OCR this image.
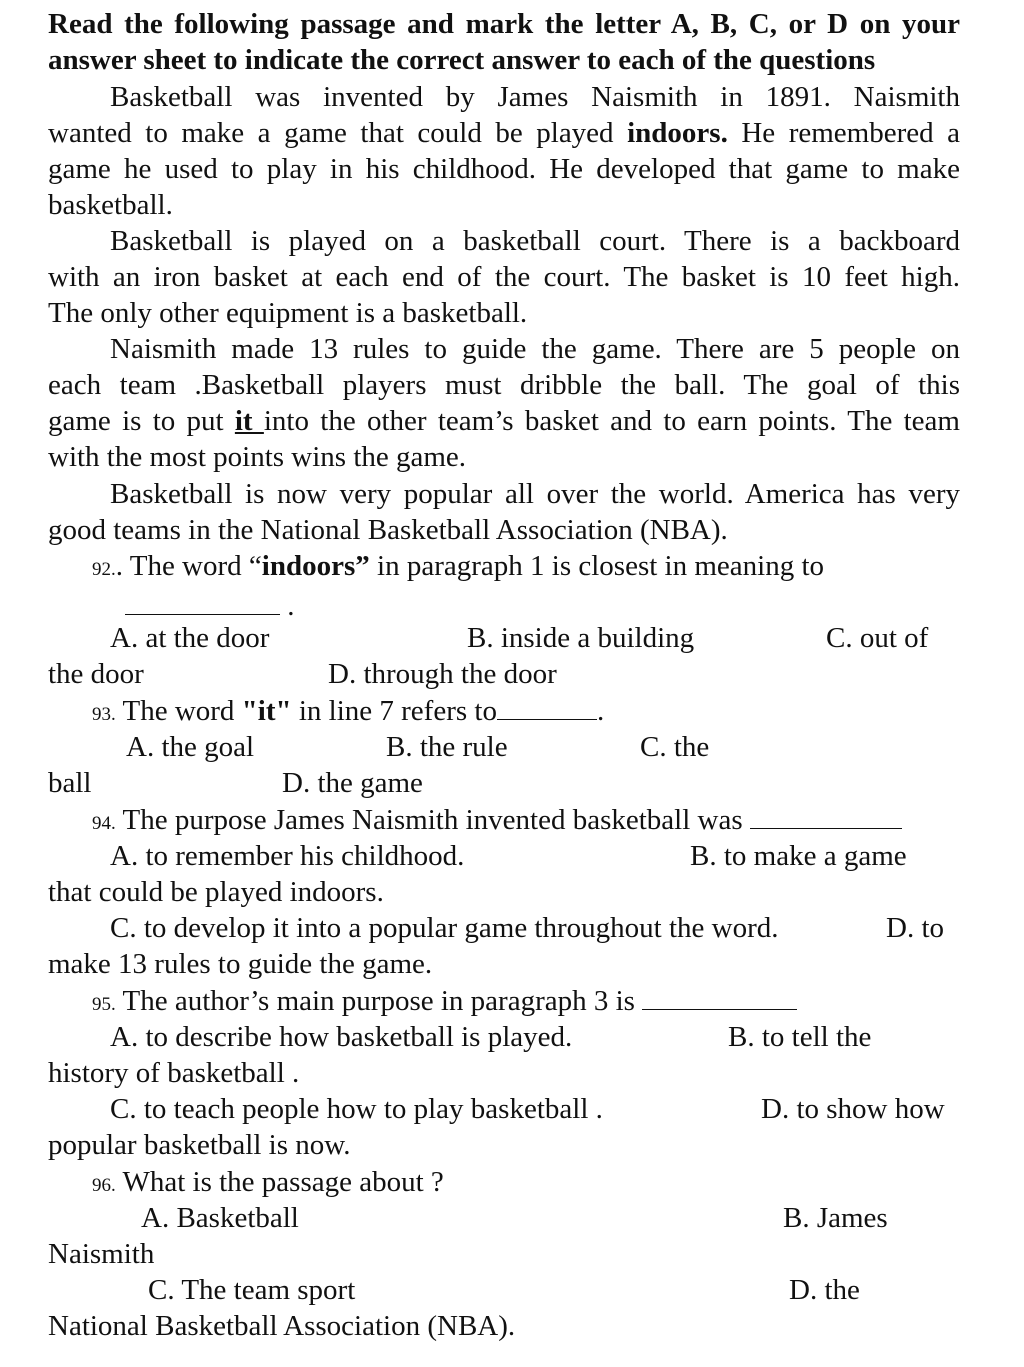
Read the following passage and mark the letter A, B, C, or D on your
answer sheet to indicate the correct answer to each of the questions
Basketball was invented by James Naismith in 1891. Naismith
wanted to make a game that could be played indoors. He remembered a
game he used to play in his childhood. He developed that game to make
basketball.
Basketball is played on a basketball court. There is a backboard
with an iron basket at each end of the court. The basket is 10 feet high.
The only other equipment is a basketball.
Naismith made 13 rules to guide the game. There are 5 people on
each team .Basketball players must dribble the ball. The goal of this
game is to put it into the other team’s basket and to earn points. The team
with the most points wins the game.
Basketball is now very popular all over the world. America has very
good teams in the National Basketball Association (NBA).
92.. The word “indoors” in paragraph 1 is closest in meaning to
.
A. at the door	B. inside a building	C. out of
the door	D. through the door
93. The word "it" in line 7 refers to	.
A. the goal	B. the rule	C. the
ball	D. the game
94. The purpose James Naismith invented basketball was
A. to remember his childhood.	B. to make a game
that could be played indoors.
C. to develop it into a popular game throughout the word.	D. to
make 13 rules to guide the game.
95. The author’s main purpose in paragraph 3 is
A. to describe how basketball is played.	B. to tell the
history of basketball .
C. to teach people how to play basketball .	D. to show how
popular basketball is now.
96. What is the passage about ?
A. Basketball	B. James
Naismith
C. The team sport	D. the
National Basketball Association (NBA).
